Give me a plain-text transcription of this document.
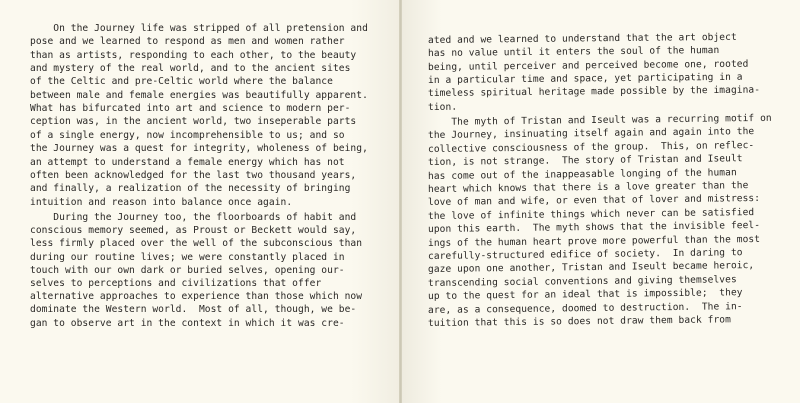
On the Journey life was stripped of all pretension and
pose and we learned to respond as men and women rather
than as artists, responding to each other, to the beauty
and mystery of the real world, and to the ancient sites
of the Celtic and pre-Celtic world where the balance
between male and female energies was beautifully apparent.
What has bifurcated into art and science to modern per-
ception was, in the ancient world, two inseperable parts
of a single energy, now incomprehensible to us; and so
the Journey was a quest for integrity, wholeness of being,
an attempt to understand a female energy which has not
often been acknowledged for the last two thousand years,
and finally, a realization of the necessity of bringing
intuition and reason into balance once again.
During the Journey too, the floorboards of habit and
conscious memory seemed, as Proust or Beckett would say,
less firmly placed over the well of the subconscious than
during our routine lives; we were constantly placed in
touch with our own dark or buried selves, opening our-
selves to perceptions and civilizations that offer
alternative approaches to experience than those which now
dominate the Western world.  Most of all, though, we be-
gan to observe art in the context in which it was cre-
ated and we learned to understand that the art object
has no value until it enters the soul of the human
being, until perceiver and perceived become one, rooted
in a particular time and space, yet participating in a
timeless spiritual heritage made possible by the imagina-
tion.
The myth of Tristan and Iseult was a recurring motif on
the Journey, insinuating itself again and again into the
collective consciousness of the group.  This, on reflec-
tion, is not strange.  The story of Tristan and Iseult
has come out of the inappeasable longing of the human
heart which knows that there is a love greater than the
love of man and wife, or even that of lover and mistress:
the love of infinite things which never can be satisfied
upon this earth.  The myth shows that the invisible feel-
ings of the human heart prove more powerful than the most
carefully-structured edifice of society.  In daring to
gaze upon one another, Tristan and Iseult became heroic,
transcending social conventions and giving themselves
up to the quest for an ideal that is impossible;  they
are, as a consequence, doomed to destruction.  The in-
tuition that this is so does not draw them back from
